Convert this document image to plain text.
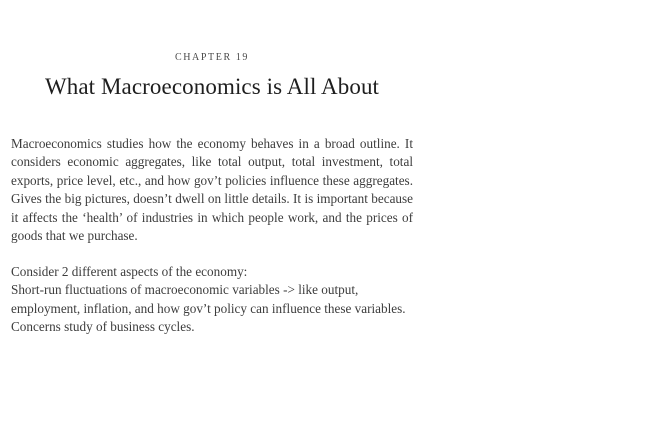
CHAPTER 19
What Macroeconomics is All About

Macroeconomics studies how the economy behaves in a broad outline. It considers economic aggregates, like total output, total investment, total exports, price level, etc., and how gov’t policies influence these aggregates. Gives the big pictures, doesn’t dwell on little details. It is important because it affects the ‘health’ of industries in which people work, and the prices of goods that we purchase.

Consider 2 different aspects of the economy:
Short-run fluctuations of macroeconomic variables -> like output, employment, inflation, and how gov’t policy can influence these variables. Concerns study of business cycles.
